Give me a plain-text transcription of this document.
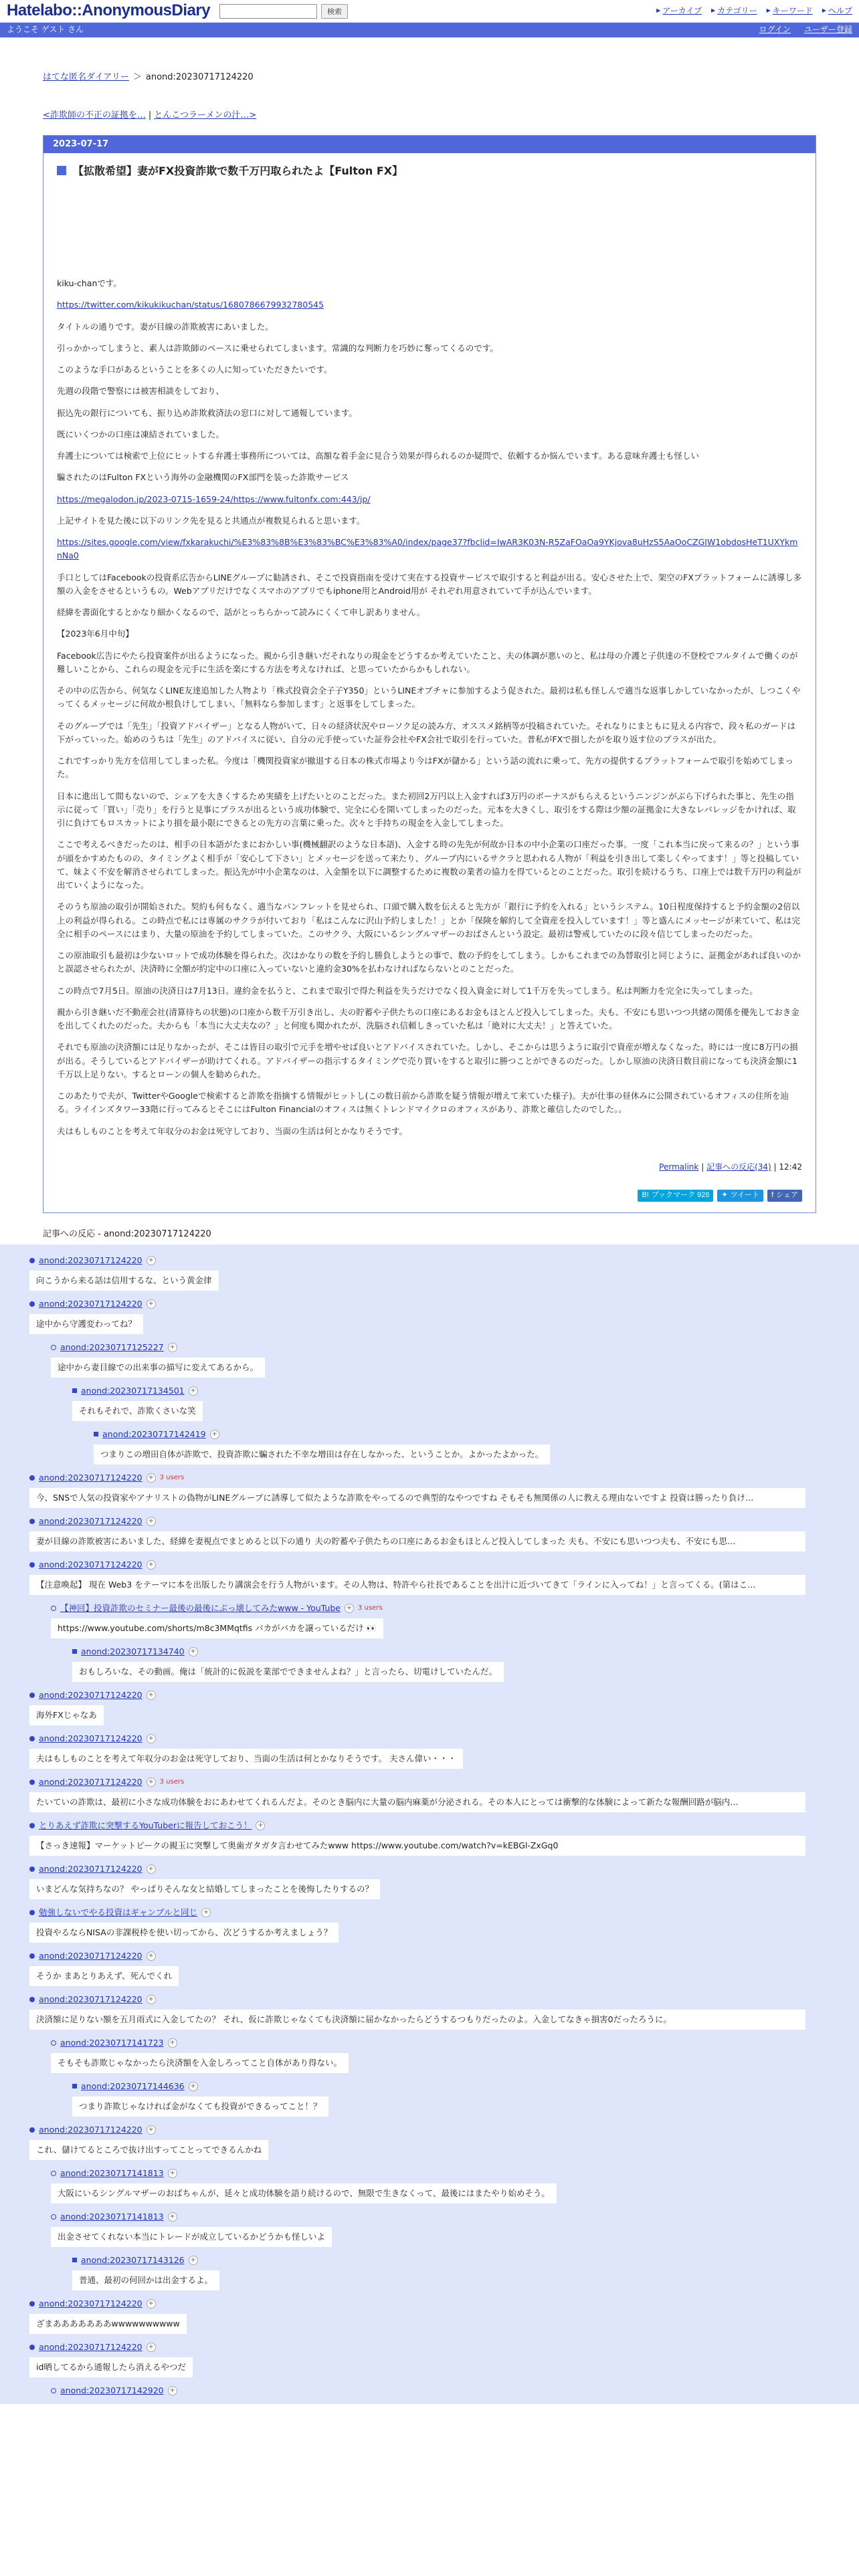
Hatelabo::AnonymousDiary	検索	▶ アーカイブ ▶ カテゴリー ▶ キーワード ▶ ヘルプ
ようこそ ゲスト さん	ログイン ユーザー登録
はてな匿名ダイアリー ＞ anond:20230717124220
<詐欺師の不正の証拠を… | とんこつラーメンの汁…>
2023-07-17
【拡散希望】妻がFX投資詐欺で数千万円取られたよ【Fulton FX】

kiku-chanです。

https://twitter.com/kikukikuchan/status/1680786679932780545

タイトルの通りです。妻が目線の詐欺被害にあいました。

引っかかってしまうと、素人は詐欺師のペースに乗せられてしまいます。常識的な判断力を巧妙に奪ってくるのです。

このような手口があるということを多くの人に知っていただきたいです。

先週の段階で警察には被害相談をしており、

振込先の銀行についても、振り込め詐欺救済法の窓口に対して通報しています。

既にいくつかの口座は凍結されていました。

弁護士については検索で上位にヒットする弁護士事務所については、高額な着手金に見合う効果が得られるのか疑問で、依頼するか悩んでいます。ある意味弁護士も怪しい

騙されたのはFulton FXという海外の金融機関のFX部門を装った詐欺サービス

https://megalodon.jp/2023-0715-1659-24/https://www.fultonfx.com:443/jp/

上記サイトを見た後に以下のリンク先を見ると共通点が複数見られると思います。

https://sites.google.com/view/fxkarakuchi/%E3%83%8B%E3%83%BC%E3%83%A0/index/page37?fbclid=IwAR3K03N-R5ZaFOaOa9YKjova8uHzS5AaOoCZGIW1obdosHeT1UXYkmnNa0

手口としてはFacebookの投資系広告からLINEグループに勧誘され、そこで投資指南を受けて実在する投資サービスで取引すると利益が出る。安心させた上で、架空のFXプラットフォームに誘導し多額の入金をさせるというもの。Webアプリだけでなくスマホのアプリでもiphone用とAndroid用が それぞれ用意されていて手が込んでいます。

経緯を書面化するとかなり細かくなるので、話がとっちらかって読みにくくて申し訳ありません。

【2023年6月中旬】

Facebook広告にやたら投資案件が出るようになった。親から引き継いだそれなりの現金をどうするか考えていたこと、夫の体調が悪いのと、私は母の介護と子供達の不登校でフルタイムで働くのが難しいことから、これらの現金を元手に生活を楽にする方法を考えなければ、と思っていたからかもしれない。

その中の広告から、何気なくLINE友達追加した人物より「株式投資会全子子Y350」というLINEオプチャに参加するよう促された。最初は私も怪しんで適当な返事しかしていなかったが、しつこくやってくるメッセージに何故か根負けしてしまい、「無料なら参加します」と返事をしてしまった。

そのグループでは「先生」「投資アドバイザー」となる人物がいて、日々の経済状況やローソク足の読み方、オススメ銘柄等が投稿されていた。それなりにまともに見える内容で、段々私のガードは下がっていった。始めのうちは「先生」のアドバイスに従い、自分の元手使っていた証券会社やFX会社で取引を行っていた。普私がFXで損したがを取り返す位のプラスが出た。

これですっかり先方を信用してしまった私。今度は「機関投資家が撤退する日本の株式市場より今はFXが儲かる」という話の流れに乗って、先方の提供するプラットフォームで取引を始めてしまった。

日本に進出して間もないので、シェアを大きくするため実績を上げたいとのことだった。また初回2万円以上入金すれば3万円のボーナスがもらえるというニンジンがぶら下げられた事と、先生の指示に従って「買い」「売り」を行うと見事にプラスが出るという成功体験で、完全に心を開いてしまったのだった。元本を大きくし、取引をする際は少額の証拠金に大きなレバレッジをかければ、取引に負けてもロスカットにより損を最小限にできるとの先方の言葉に乗った。次々と手持ちの現金を入金してしまった。

ここで考えるべきだったのは、相手の日本語がたまにおかしい事(機械翻訳のような日本語)、入金する時の先先が何故か日本の中小企業の口座だった事。一度「これ本当に戻って来るの？」という事が頭をかすめたものの、タイミングよく相手が「安心して下さい」とメッセージを送って来たり、グループ内にいるサクラと思われる人物が「利益を引き出して楽しくやってます！」等と投稿していて、妹よく不安を解消させられてしまった。振込先が中小企業なのは、入金額を以下に調整するために複数の業者の協力を得ているとのことだった。取引を続けるうち、口座上では数千万円の利益が出ていくようになった。

そのうち原油の取引が開始された。契約も何もなく、適当なパンフレットを見せられ、口頭で購入数を伝えると先方が「銀行に予約を入れる」というシステム。10日程度保持すると予約金額の2倍以上の利益が得られる。この時点で私には専属のサクラが付いており「私はこんなに沢山予約しました！」とか「保険を解約して全資産を投入しています！」等と盛んにメッセージが来ていて、私は完全に相手のペースにはまり、大量の原油を予約してしまっていた。このサクラ、大阪にいるシングルマザーのおばさんという設定。最初は警戒していたのに段々信じてしまったのだった。

この原油取引も最初は少ないロットで成功体験を得られた。次はかなりの数を予約し勝負しようとの事で、数の予約をしてしまう。しかもこれまでの為替取引と同じように、証拠金があれば良いのかと誤認させられたが、決済時に全額が約定中の口座に入っていないと違約金30%を払わなければならないとのことだった。

この時点で7月5日。原油の決済日は7月13日。違約金を払うと、これまで取引で得た利益を失うだけでなく投入資金に対して1千万を失ってしまう。私は判断力を完全に失ってしまった。

親から引き継いだ不動産会社(清算待ちの状態)の口座から数千万引き出し、夫の貯蓄や子供たちの口座にあるお金もほとんど投入してしまった。夫も、不安にも思いつつ共緒の関係を優先しておき金を出してくれたのだった。夫からも「本当に大丈夫なの？」と何度も聞かれたが、洗脳され信頼しきっていた私は「絶対に大丈夫！」と答えていた。

それでも原油の決済額には足りなかったが、そこは皆目の取引で元手を増やせば良いとアドバイスされていた。しかし、そこからは思うように取引で資産が増えなくなった。時には一度に8万円の損が出る。そうしているとアドバイザーが助けてくれる。アドバイザーの指示するタイミングで売り買いをすると取引に勝つことができるのだった。しかし原油の決済日数目前になっても決済金額に1千万以上足りない。するとローンの個人を勧められた。

このあたりで夫が、TwitterやGoogleで検索すると詐欺を指摘する情報がヒットし(この数日前から詐欺を疑う情報が増えて来ていた様子)。夫が仕事の昼休みに公開されているオフィスの住所を辿る。ライインズタワー33階に行ってみるとそこにはFulton Financialのオフィスは無くトレンドマイクロのオフィスがあり、詐欺と確信したのでした。。

夫はもしものことを考えて年収分のお金は死守しており、当面の生活は何とかなりそうです。

Permalink | 記事への反応(34) | 12:42
B! ブックマーク 926 ✦ ツイート f シェア
記事への反応 - anond:20230717124220
anond:20230717124220 +
向こうから来る話は信用するな、という黄金律
anond:20230717124220 +
途中から守護変わってね？
anond:20230717125227 +
途中から妻目線での出来事の描写に変えてあるから。
anond:20230717134501 +
それもそれで、詐欺くさいな笑
anond:20230717142419 +
つまりこの増田自体が詐欺で、投資詐欺に騙された不幸な増田は存在しなかった、ということか。よかったよかった。
anond:20230717124220 + 3 users
今、SNSで人気の投資家やアナリストの偽物がLINEグループに誘導して似たような詐欺をやってるので典型的なやつですね そもそも無関係の人に教える理由ないですよ 投資は勝ったり負け…
anond:20230717124220 +
妻が目線の詐欺被害にあいました、経緯を妻視点でまとめると以下の通り 夫の貯蓄や子供たちの口座にあるお金もほとんど投入してしまった 夫も、不安にも思いつつ夫も、不安にも思…
anond:20230717124220 +
【注意喚起】 現在 Web3 をテーマに本を出版したり講演会を行う人物がいます。その人物は、特許やら社長であることを出汁に近づいてきて「ラインに入ってね！」と言ってくる。(第はこ…
【神回】投資詐欺のセミナー最後の最後にぶっ壊してみたwww - YouTube + 3 users
https://www.youtube.com/shorts/m8c3MMqtfis バカがバカを譲っているだけ 👀
anond:20230717134740 +
おもしろいな、その動画。俺は「統計的に仮説を業部でできませんよね？」と言ったら、切電けしていたんだ。
anond:20230717124220 +
海外FXじゃなあ
anond:20230717124220 +
夫はもしものことを考えて年収分のお金は死守しており、当面の生活は何とかなりそうです。 夫さん偉い・・・
anond:20230717124220 + 3 users
たいていの詐欺は、最初に小さな成功体験をおにあわせてくれるんだよ。そのとき脳内に大量の脳内麻薬が分泌される。その本人にとっては衝撃的な体験によって新たな報酬回路が脳内…
とりあえず詐欺に突撃するYouTuberに報告しておこう！ +
【さっき速報】マーケットピークの親玉に突撃して奥歯ガタガタ言わせてみたwww https://www.youtube.com/watch?v=kEBGl-ZxGq0
anond:20230717124220 +
いまどんな気持ちなの？ やっぱりそんな女と結婚してしまったことを後悔したりするの？
勉強しないでやる投資はギャンブルと同じ +
投資やるならNISAの非課税枠を使い切ってから、次どうするか考えましょう？
anond:20230717124220 +
そうか まあとりあえず、死んでくれ
anond:20230717124220 +
決済額に足りない額を五月雨式に入金してたの？ それ、仮に詐欺じゃなくても決済額に届かなかったらどうするつもりだったのよ。入金してなきゃ損害0だったろうに。
anond:20230717141723 +
そもそも詐欺じゃなかったら決済額を入金しろってこと自体があり得ない。
anond:20230717144636 +
つまり詐欺じゃなければ金がなくても投資ができるってこと！？
anond:20230717124220 +
これ、儲けてるところで抜け出すってことってできるんかね
anond:20230717141813 +
大阪にいるシングルマザーのおばちゃんが、延々と成功体験を語り続けるので、無限で生きなくって、最後にはまたやり始めそう。
anond:20230717141813 +
出金させてくれない本当にトレードが成立しているかどうかも怪しいよ
anond:20230717143126 +
普通、最初の何回かは出金するよ。
anond:20230717124220 +
ざまあああああああwwwwwwwwww
anond:20230717124220 +
id晒してるから通報したら消えるやつだ
anond:20230717142920 +
